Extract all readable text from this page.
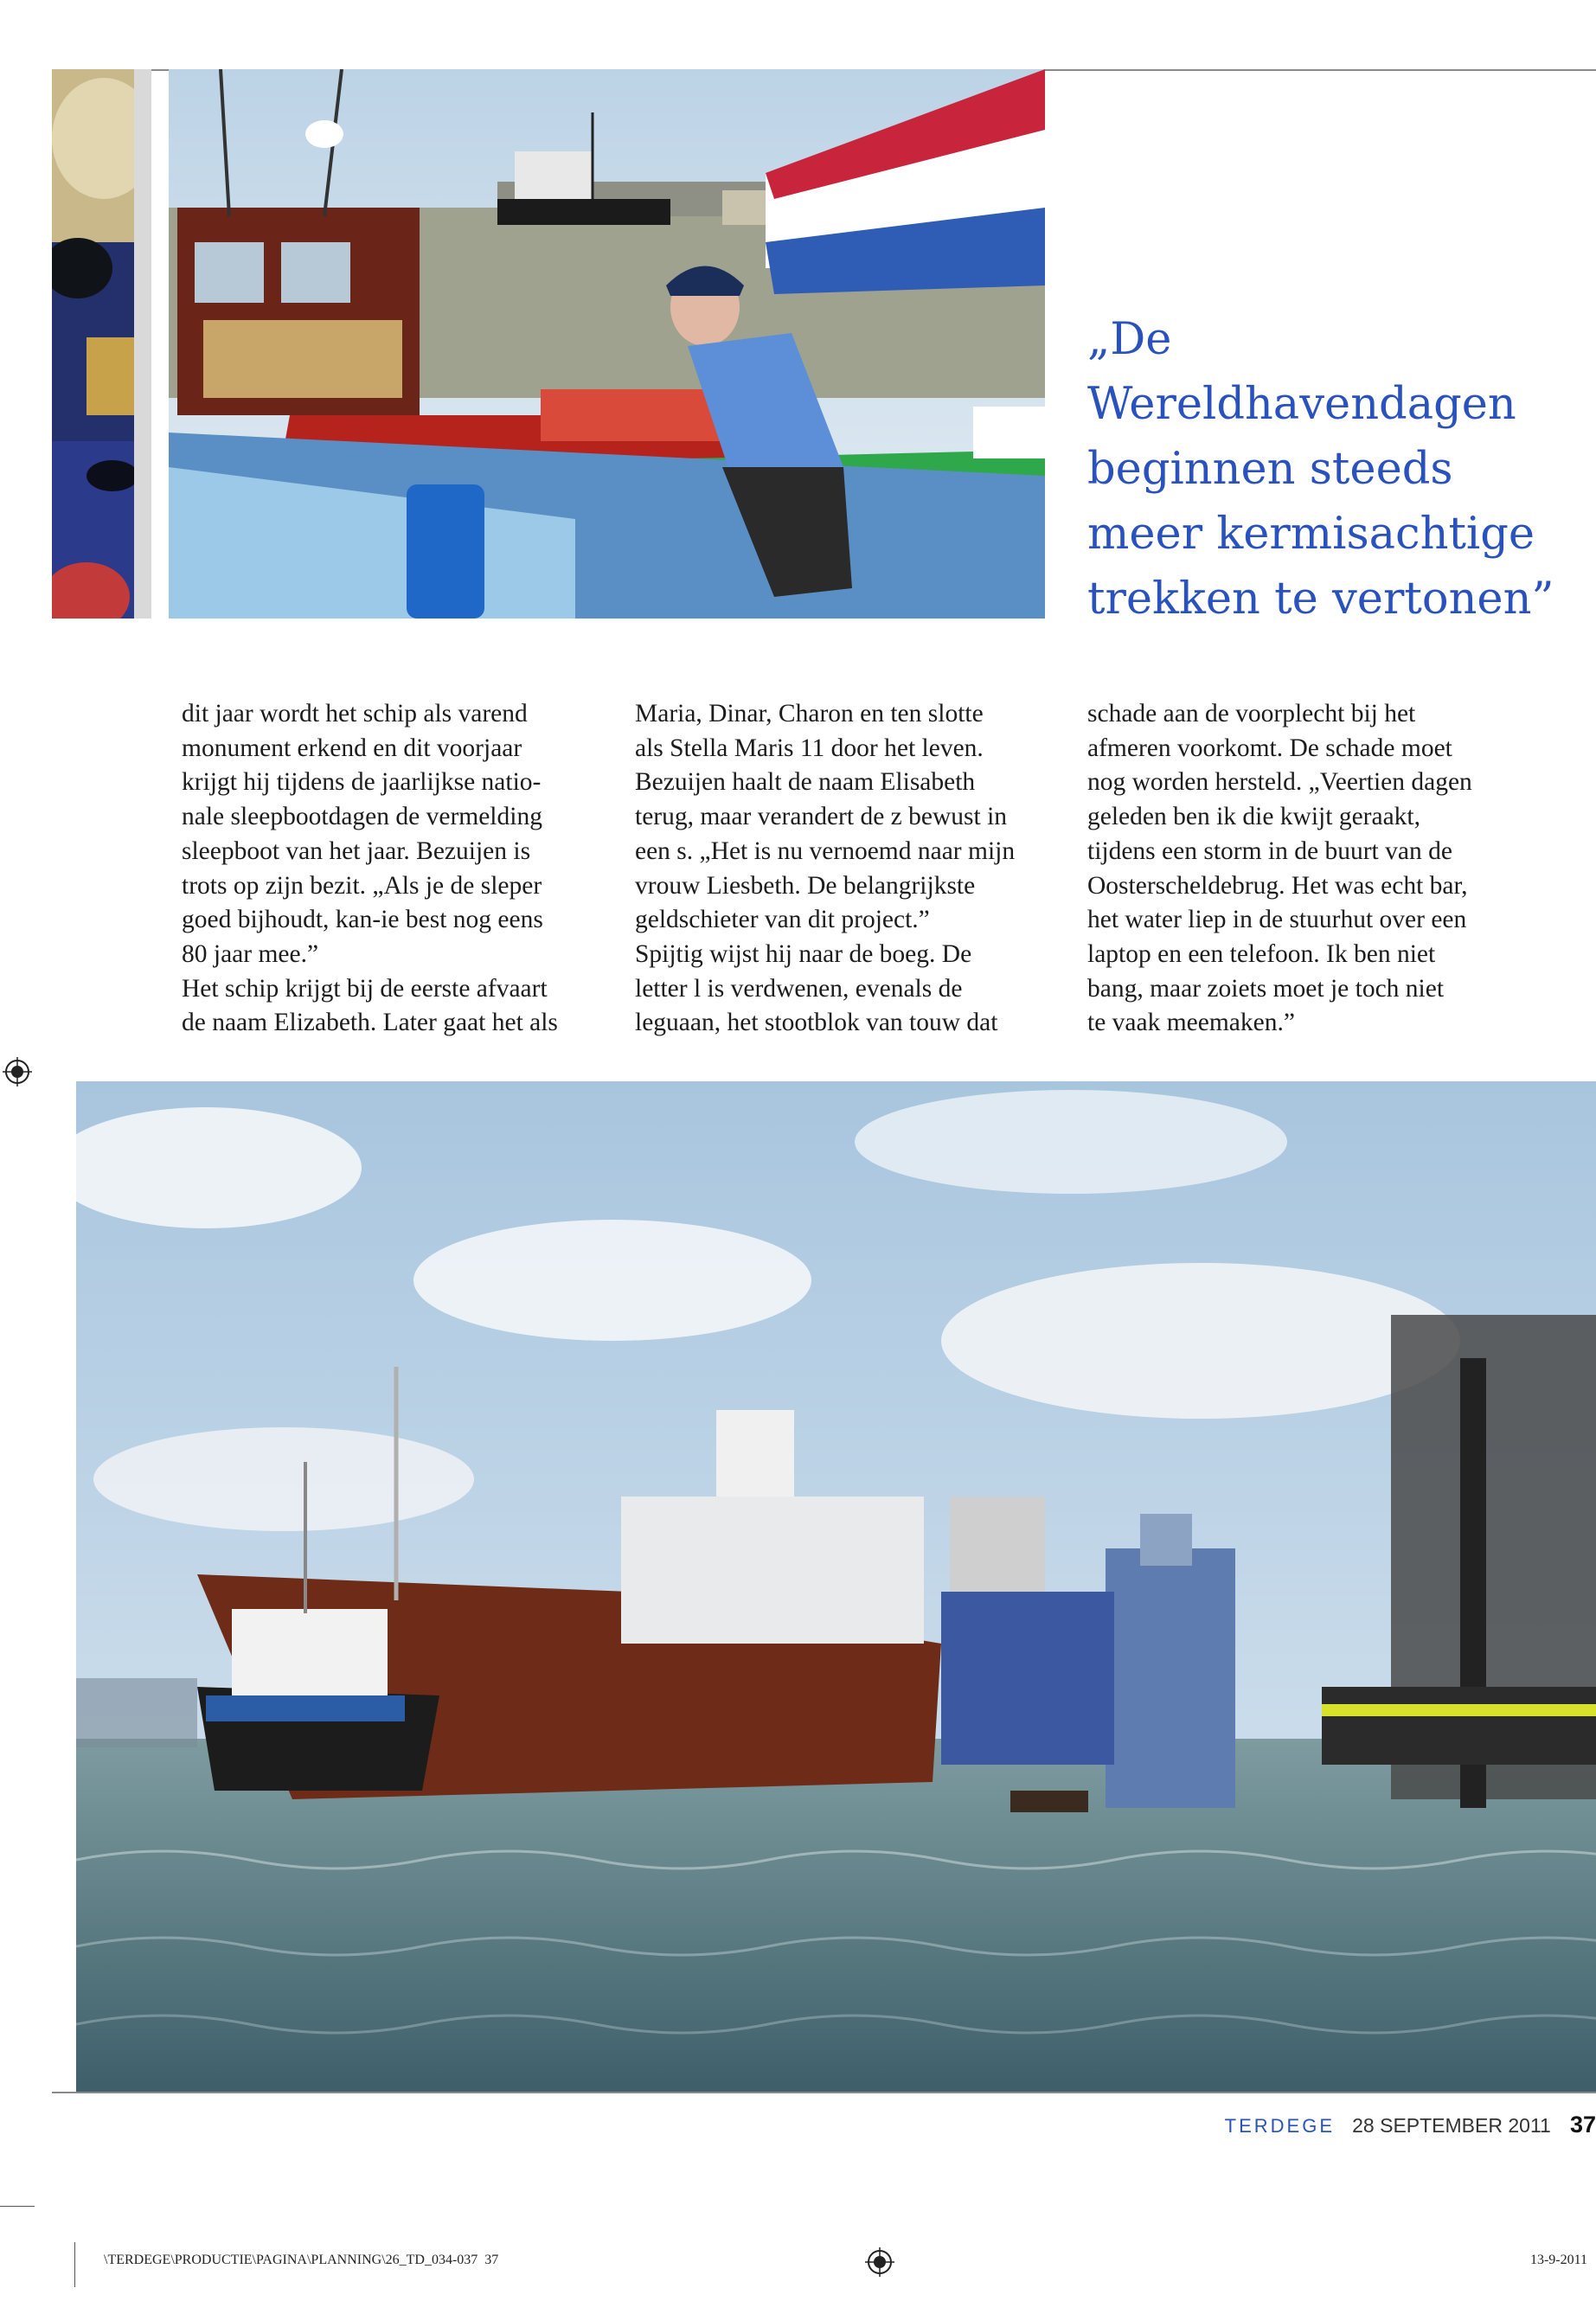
„De Wereldhavendagen beginnen steeds meer kermisachtige trekken te vertonen”
dit jaar wordt het schip als varend
monument erkend en dit voorjaar
krijgt hij tijdens de jaarlijkse natio-
nale sleepbootdagen de vermelding
sleepboot van het jaar. Bezuijen is
trots op zijn bezit. „Als je de sleper
goed bijhoudt, kan-ie best nog eens
80 jaar mee.”
Het schip krijgt bij de eerste afvaart
de naam Elizabeth. Later gaat het als
Maria, Dinar, Charon en ten slotte
als Stella Maris 11 door het leven.
Bezuijen haalt de naam Elisabeth
terug, maar verandert de z bewust in
een s. „Het is nu vernoemd naar mijn
vrouw Liesbeth. De belangrijkste
geldschieter van dit project.”
Spijtig wijst hij naar de boeg. De
letter l is verdwenen, evenals de
leguaan, het stootblok van touw dat
schade aan de voorplecht bij het
afmeren voorkomt. De schade moet
nog worden hersteld. „Veertien dagen
geleden ben ik die kwijt geraakt,
tijdens een storm in de buurt van de
Oosterscheldebrug. Het was echt bar,
het water liep in de stuurhut over een
laptop en een telefoon. Ik ben niet
bang, maar zoiets moet je toch niet
te vaak meemaken.”
TERDEGE 28 SEPTEMBER 2011 37
\TERDEGE\PRODUCTIE\PAGINA\PLANNING\26_TD_034-037  37	13-9-2011
